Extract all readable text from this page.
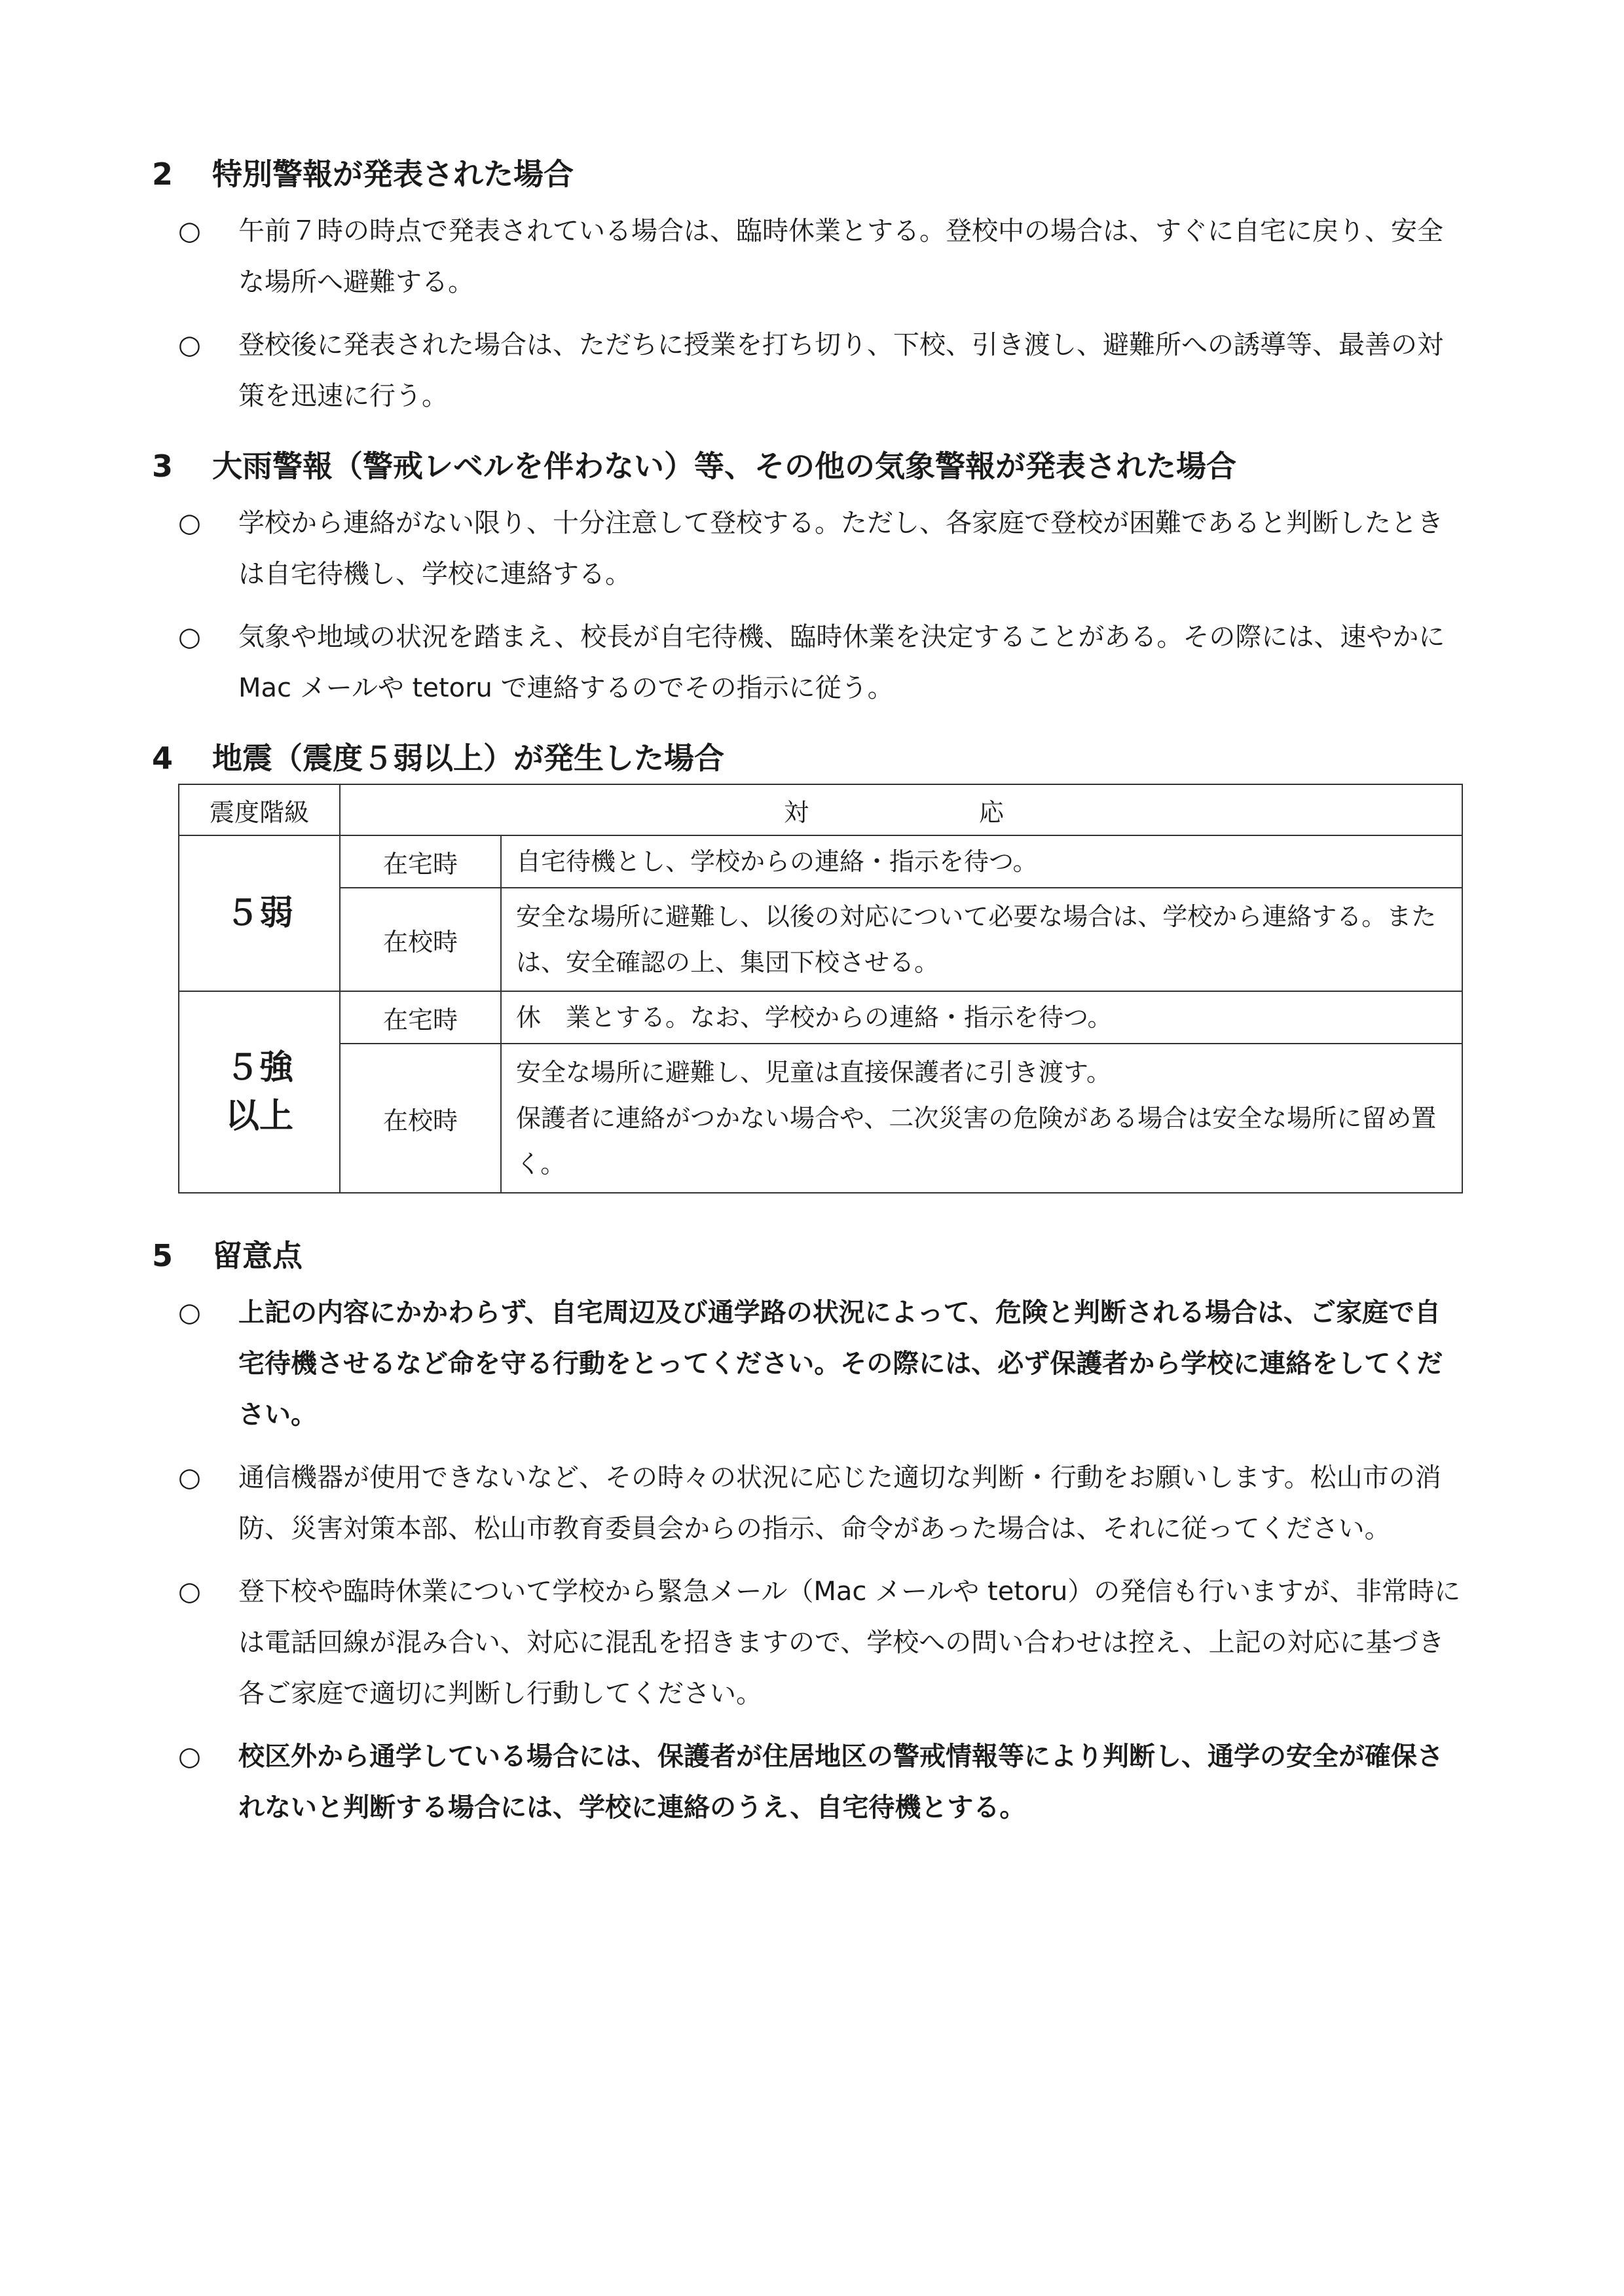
2	特別警報が発表された場合
○	午前７時の時点で発表されている場合は、臨時休業とする。登校中の場合は、すぐに自宅に戻り、安全な場所へ避難する。
○	登校後に発表された場合は、ただちに授業を打ち切り、下校、引き渡し、避難所への誘導等、最善の対策を迅速に行う。
3	大雨警報（警戒レベルを伴わない）等、その他の気象警報が発表された場合
○	学校から連絡がない限り、十分注意して登校する。ただし、各家庭で登校が困難であると判断したときは自宅待機し、学校に連絡する。
○	気象や地域の状況を踏まえ、校長が自宅待機、臨時休業を決定することがある。その際には、速やかに Mac メールや tetoru で連絡するのでその指示に従う。
4	地震（震度５弱以上）が発生した場合
震度階級	対応	
５弱	在宅時	自宅待機とし、学校からの連絡・指示を待つ。
	在校時	安全な場所に避難し、以後の対応について必要な場合は、学校から連絡する。または、安全確認の上、集団下校させる。

５強
以上	在宅時	休　業とする。なお、学校からの連絡・指示を待つ。
	在校時	安全な場所に避難し、児童は直接保護者に引き渡す。
保護者に連絡がつかない場合や、二次災害の危険がある場合は安全な場所に留め置く。
5	留意点
○	上記の内容にかかわらず、自宅周辺及び通学路の状況によって、危険と判断される場合は、ご家庭で自宅待機させるなど命を守る行動をとってください。その際には、必ず保護者から学校に連絡をしてください。
○	通信機器が使用できないなど、その時々の状況に応じた適切な判断・行動をお願いします。松山市の消防、災害対策本部、松山市教育委員会からの指示、命令があった場合は、それに従ってください。
○	登下校や臨時休業について学校から緊急メール（Mac メールや tetoru）の発信も行いますが、非常時には電話回線が混み合い、対応に混乱を招きますので、学校への問い合わせは控え、上記の対応に基づき各ご家庭で適切に判断し行動してください。
○	校区外から通学している場合には、保護者が住居地区の警戒情報等により判断し、通学の安全が確保されないと判断する場合には、学校に連絡のうえ、自宅待機とする。
